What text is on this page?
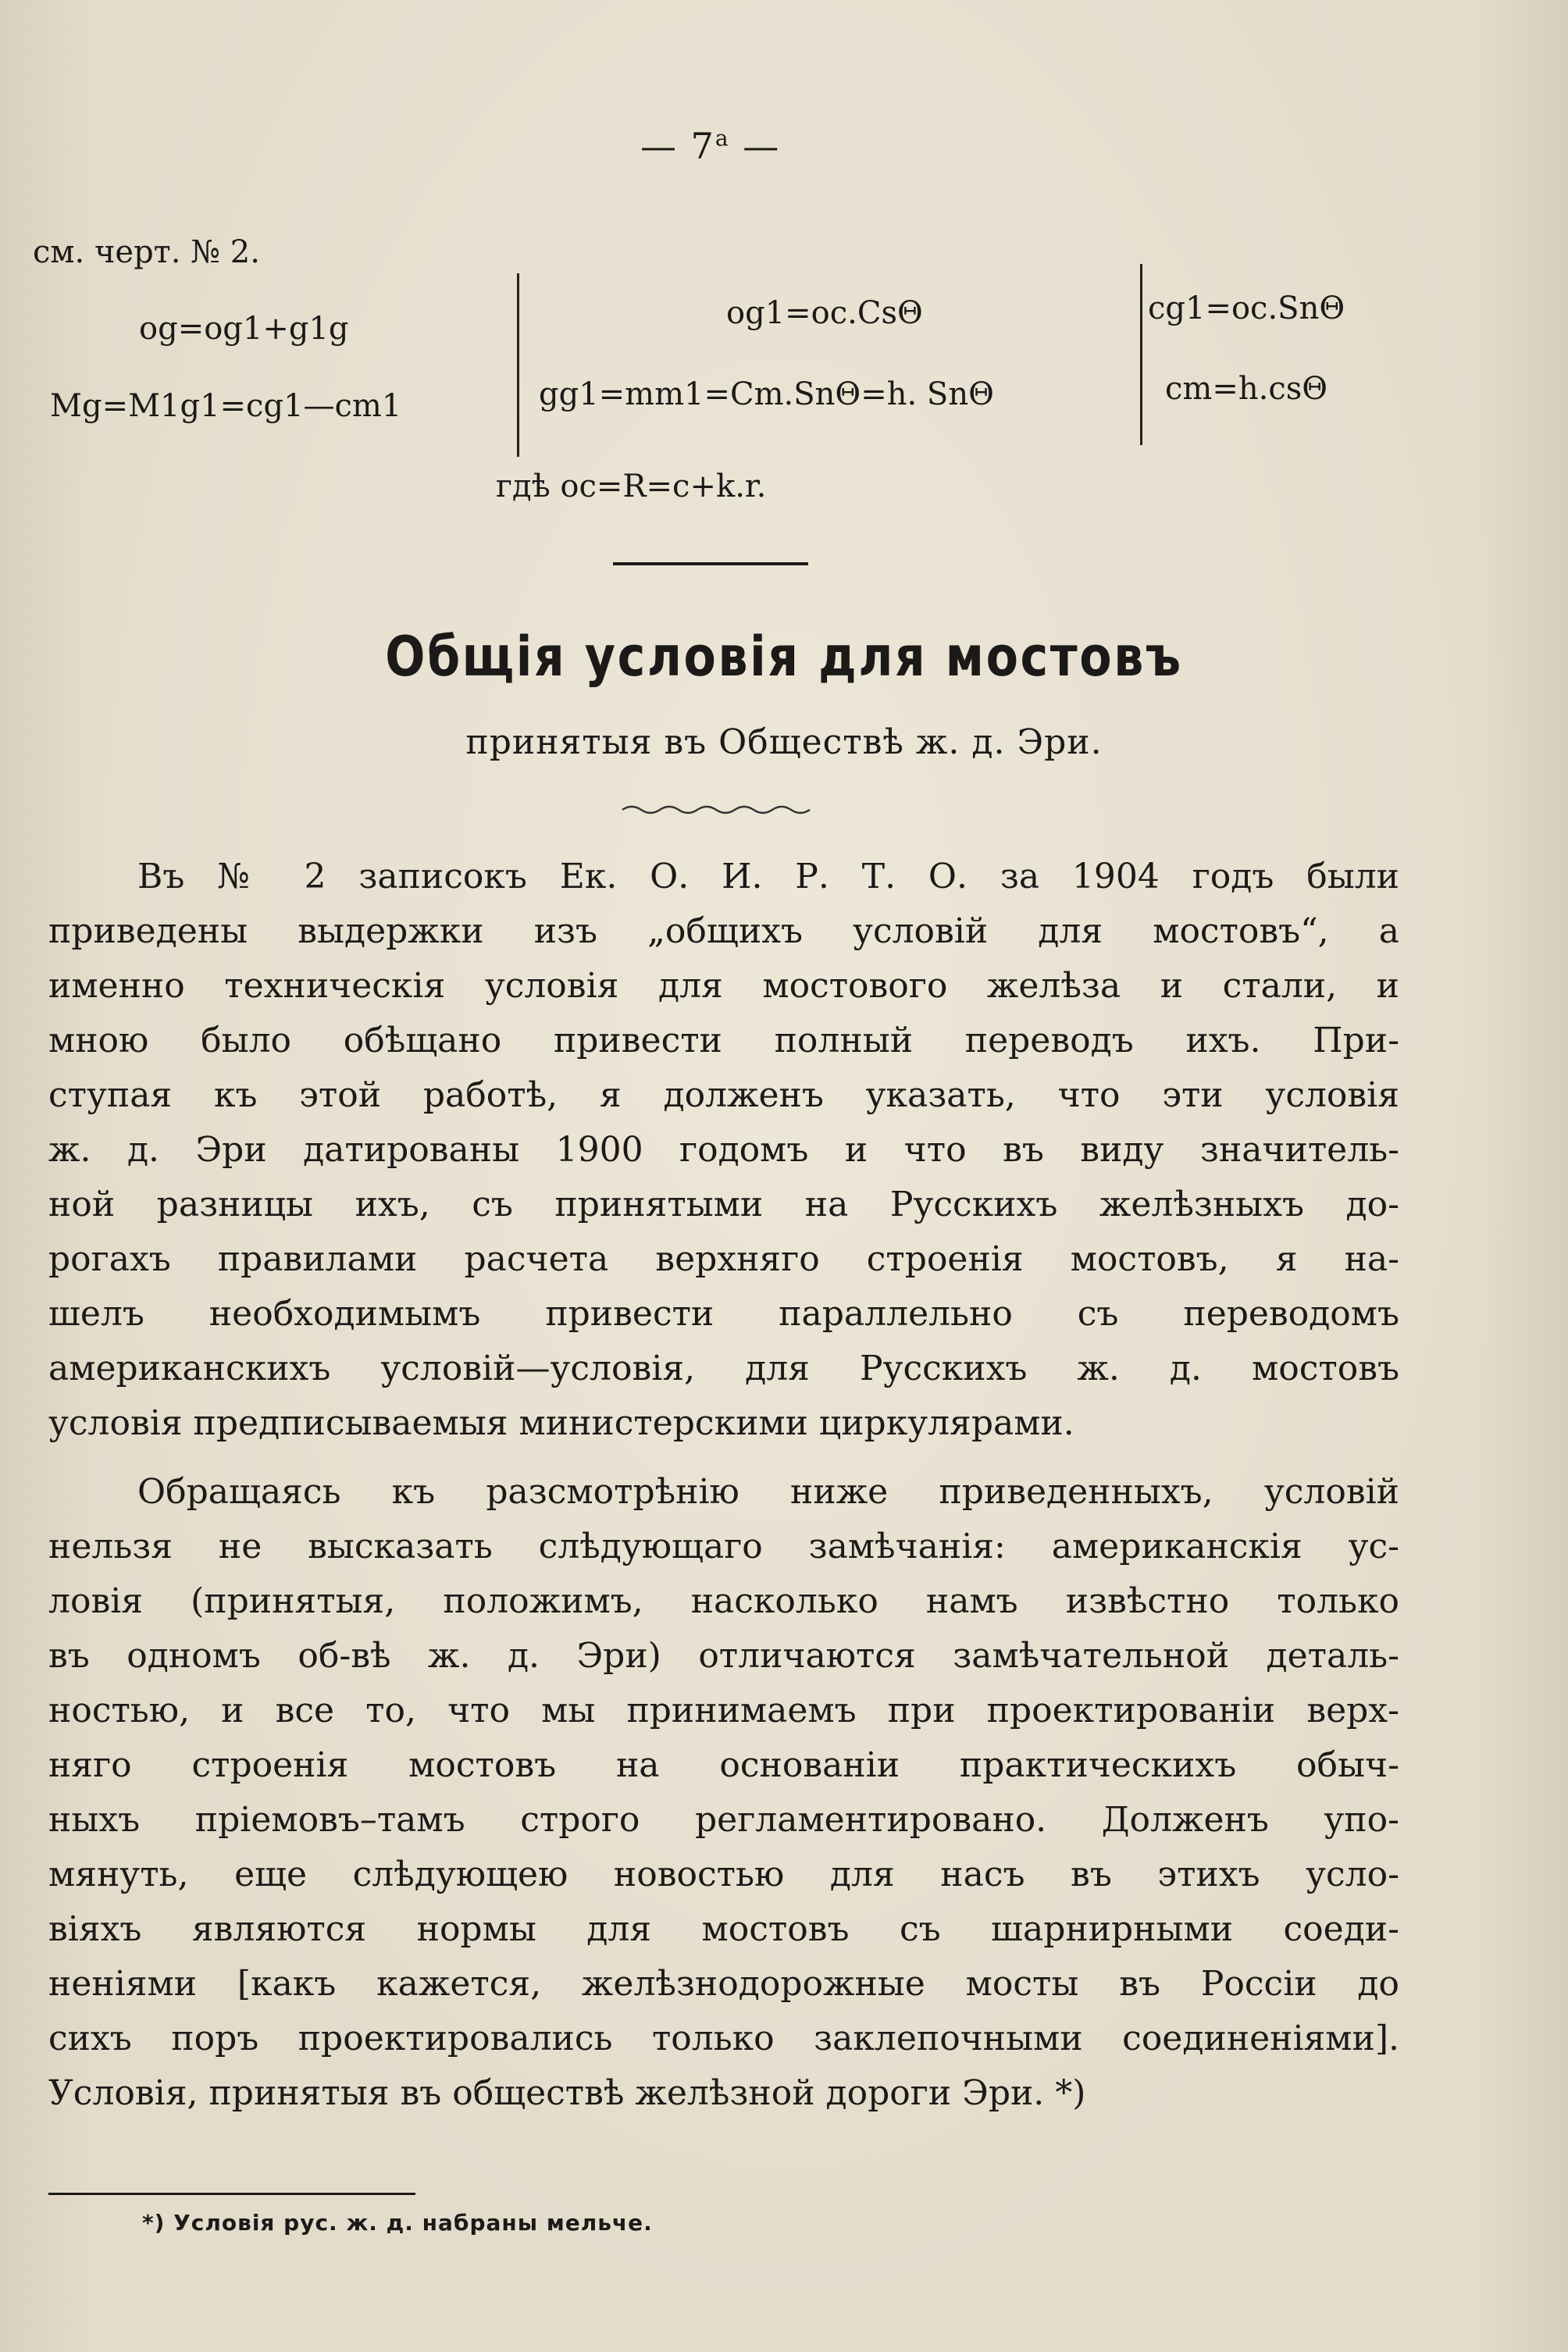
— $7^а$ —
см. черт. № 2.
og=og1+g1g
Mg=M1g1=cg1—cm1
og1=oc.CsΘ
gg1=mm1=Cm.SnΘ=h. SnΘ
cg1=oc.SnΘ
cm=h.csΘ
гдѣ oc=R=c+k.r.
Общія условія для мостовъ
принятыя въ Обществѣ ж. д. Эри.
Въ № 2 записокъ Ек. О. И. Р. Т. О. за 1904 годъ были
приведены выдержки изъ „общихъ условій для мостовъ“, а
именно техническія условія для мостового желѣза и стали, и
мною было обѣщано привести полный переводъ ихъ. При-
ступая къ этой работѣ, я долженъ указать, что эти условія
ж. д. Эри датированы 1900 годомъ и что въ виду значитель-
ной разницы ихъ, съ принятыми на Русскихъ желѣзныхъ до-
рогахъ правилами расчета верхняго строенія мостовъ, я на-
шелъ необходимымъ привести параллельно съ переводомъ
американскихъ условій—условія, для Русскихъ ж. д. мостовъ
условія предписываемыя министерскими циркулярами.
Обращаясь къ разсмотрѣнію ниже приведенныхъ, условій
нельзя не высказать слѣдующаго замѣчанія: американскія ус-
ловія (принятыя, положимъ, насколько намъ извѣстно только
въ одномъ об-вѣ ж. д. Эри) отличаются замѣчательной деталь-
ностью, и все то, что мы принимаемъ при проектированіи верх-
няго строенія мостовъ на основаніи практическихъ обыч-
ныхъ пріемовъ–тамъ строго регламентировано. Долженъ упо-
мянуть, еще слѣдующею новостью для насъ въ этихъ усло-
віяхъ являются нормы для мостовъ съ шарнирными соеди-
неніями [какъ кажется, желѣзнодорожные мосты въ Россіи до
сихъ поръ проектировались только заклепочными соединеніями].
Условія, принятыя въ обществѣ желѣзной дороги Эри. *)
*) Условія рус. ж. д. набраны мельче.
